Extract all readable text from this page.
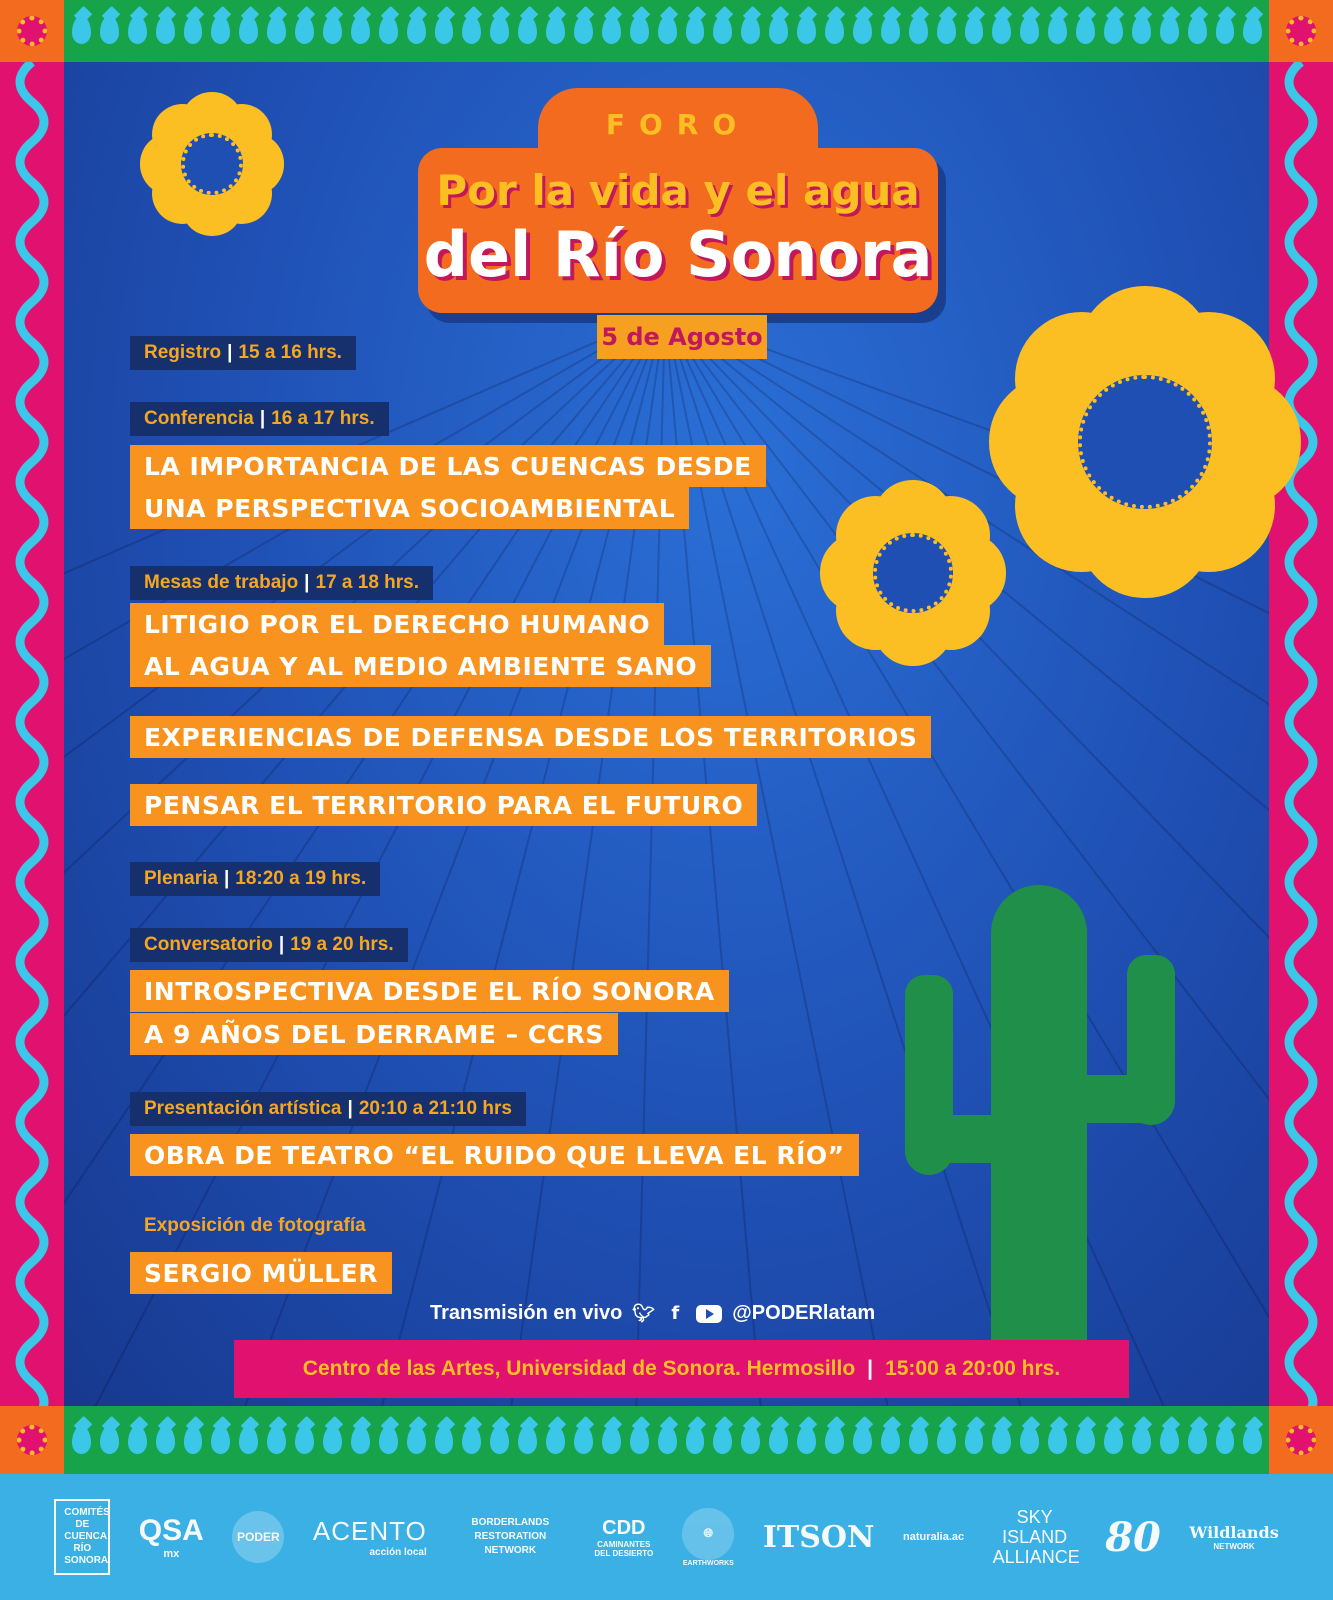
FORO
Por la vida y el agua
del Río Sonora
5 de Agosto
Registro | 15 a 16 hrs.
Conferencia | 16 a 17 hrs.
LA IMPORTANCIA DE LAS CUENCAS DESDE
UNA PERSPECTIVA SOCIOAMBIENTAL
Mesas de trabajo | 17 a 18 hrs.
LITIGIO POR EL DERECHO HUMANO
AL AGUA Y AL MEDIO AMBIENTE SANO
EXPERIENCIAS DE DEFENSA DESDE LOS TERRITORIOS
PENSAR EL TERRITORIO PARA EL FUTURO
Plenaria | 18:20 a 19 hrs.
Conversatorio | 19 a 20 hrs.
INTROSPECTIVA DESDE EL RÍO SONORA
A 9 AÑOS DEL DERRAME – CCRS
Presentación artística | 20:10 a 21:10 hrs
OBRA DE TEATRO “EL RUIDO QUE LLEVA EL RÍO”
Exposición de fotografía
SERGIO MÜLLER
Transmisión en vivo 🐦︎ f	@PODERlatam
Centro de las Artes, Universidad de Sonora. Hermosillo | 15:00 a 20:00 hrs.
COMITÉS DE CUENCA RÍO SONORA
QSA
mx
PODER ACENTO
acción local
BORDERLANDS RESTORATION NETWORK
CDD
CAMINANTES DEL DESIERTO
🌐︎
EARTHWORKS
ITSON	naturalia.ac
SKY ISLAND ALLIANCE 80 Wildlands
NETWORK
